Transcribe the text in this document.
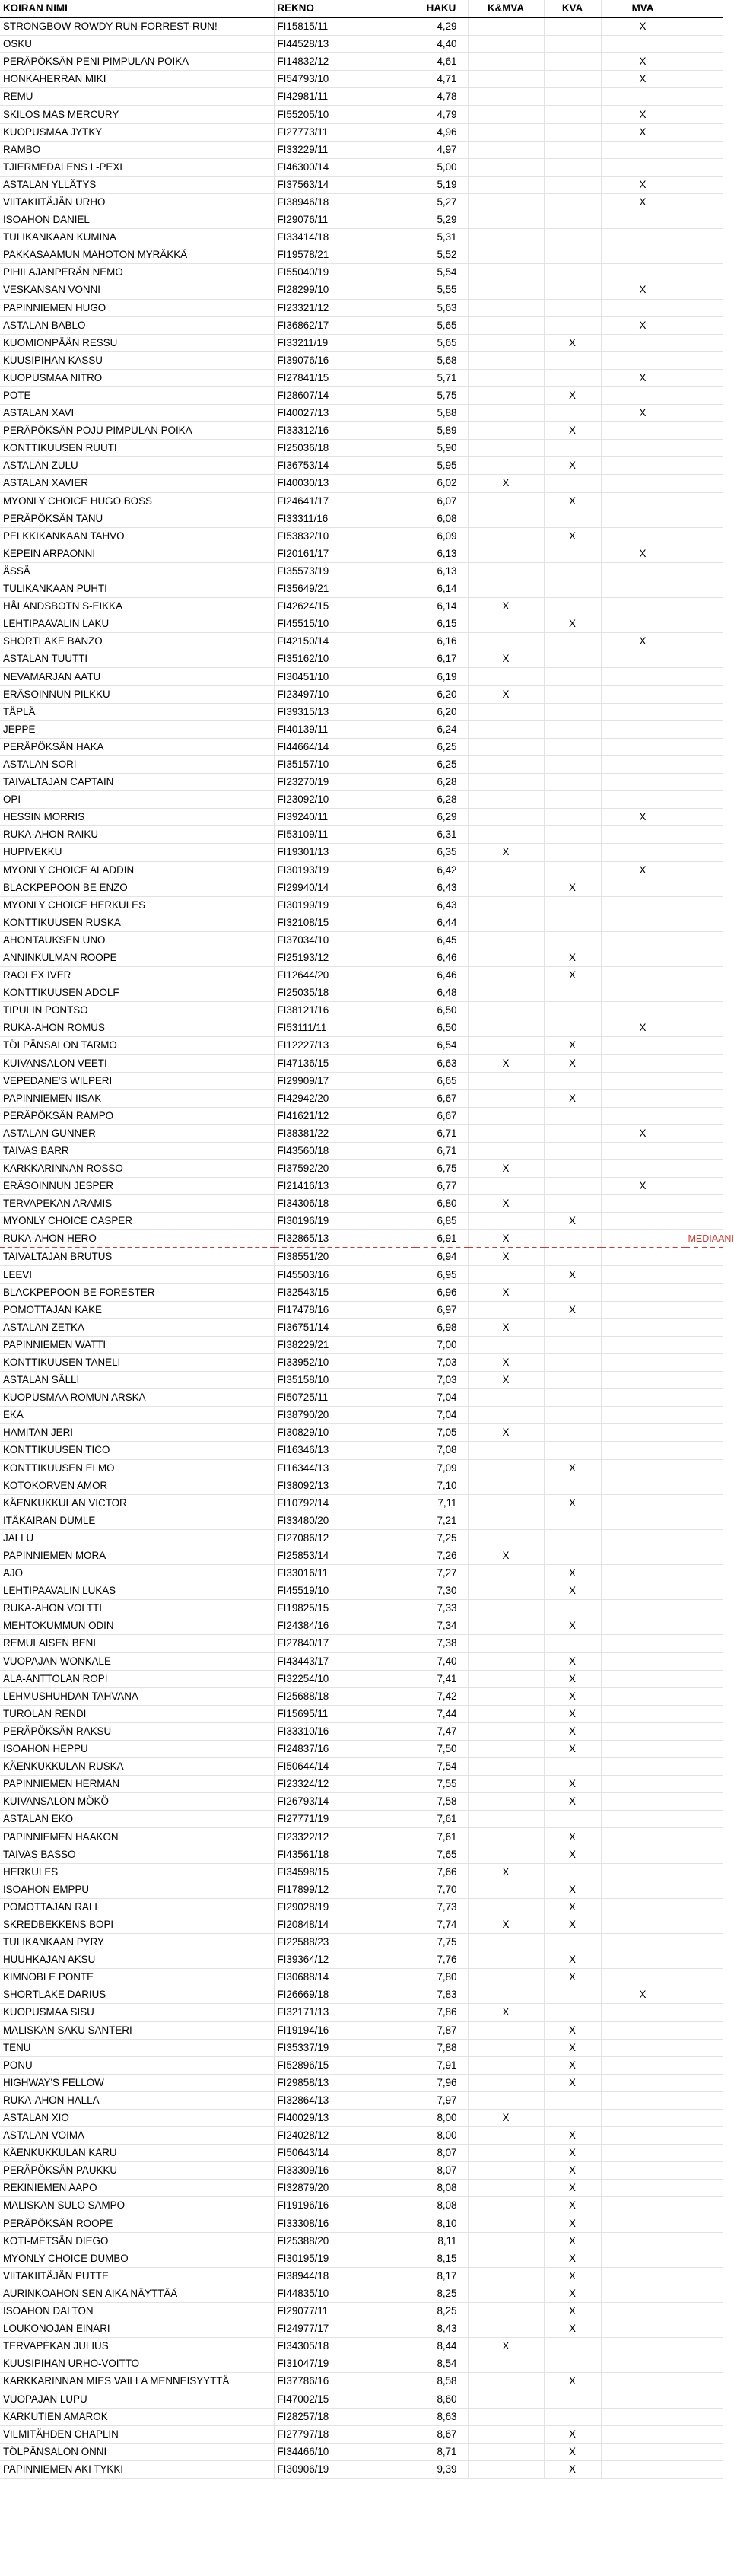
KOIRAN NIMI	REKNO	HAKU	K&MVA	KVA	MVA	
STRONGBOW ROWDY RUN-FORREST-RUN!	FI15815/11	4,29			X	
OSKU	FI44528/13	4,40				
PERÄPÖKSÄN PENI PIMPULAN POIKA	FI14832/12	4,61			X	
HONKAHERRAN MIKI	FI54793/10	4,71			X	
REMU	FI42981/11	4,78				
SKILOS MAS MERCURY	FI55205/10	4,79			X	
KUOPUSMAA JYTKY	FI27773/11	4,96			X	
RAMBO	FI33229/11	4,97				
TJIERMEDALENS L-PEXI	FI46300/14	5,00				
ASTALAN YLLÄTYS	FI37563/14	5,19			X	
VIITAKIITÄJÄN URHO	FI38946/18	5,27			X	
ISOAHON DANIEL	FI29076/11	5,29				
TULIKANKAAN KUMINA	FI33414/18	5,31				
PAKKASAAMUN MAHOTON MYRÄKKÄ	FI19578/21	5,52				
PIHILAJANPERÄN NEMO	FI55040/19	5,54				
VESKANSAN VONNI	FI28299/10	5,55			X	
PAPINNIEMEN HUGO	FI23321/12	5,63				
ASTALAN BABLO	FI36862/17	5,65			X	
KUOMIONPÄÄN RESSU	FI33211/19	5,65		X		
KUUSIPIHAN KASSU	FI39076/16	5,68				
KUOPUSMAA NITRO	FI27841/15	5,71			X	
POTE	FI28607/14	5,75		X		
ASTALAN XAVI	FI40027/13	5,88			X	
PERÄPÖKSÄN POJU PIMPULAN POIKA	FI33312/16	5,89		X		
KONTTIKUUSEN RUUTI	FI25036/18	5,90				
ASTALAN ZULU	FI36753/14	5,95		X		
ASTALAN XAVIER	FI40030/13	6,02	X			
MYONLY CHOICE HUGO BOSS	FI24641/17	6,07		X		
PERÄPÖKSÄN TANU	FI33311/16	6,08				
PELKKIKANKAAN TAHVO	FI53832/10	6,09		X		
KEPEIN ARPAONNI	FI20161/17	6,13			X	
ÄSSÄ	FI35573/19	6,13				
TULIKANKAAN PUHTI	FI35649/21	6,14				
HÅLANDSBOTN S-EIKKA	FI42624/15	6,14	X			
LEHTIPAAVALIN LAKU	FI45515/10	6,15		X		
SHORTLAKE BANZO	FI42150/14	6,16			X	
ASTALAN TUUTTI	FI35162/10	6,17	X			
NEVAMARJAN AATU	FI30451/10	6,19				
ERÄSOINNUN PILKKU	FI23497/10	6,20	X			
TÄPLÄ	FI39315/13	6,20				
JEPPE	FI40139/11	6,24				
PERÄPÖKSÄN HAKA	FI44664/14	6,25				
ASTALAN SORI	FI35157/10	6,25				
TAIVALTAJAN CAPTAIN	FI23270/19	6,28				
OPI	FI23092/10	6,28				
HESSIN MORRIS	FI39240/11	6,29			X	
RUKA-AHON RAIKU	FI53109/11	6,31				
HUPIVEKKU	FI19301/13	6,35	X			
MYONLY CHOICE ALADDIN	FI30193/19	6,42			X	
BLACKPEPOON BE ENZO	FI29940/14	6,43		X		
MYONLY CHOICE HERKULES	FI30199/19	6,43				
KONTTIKUUSEN RUSKA	FI32108/15	6,44				
AHONTAUKSEN UNO	FI37034/10	6,45				
ANNINKULMAN ROOPE	FI25193/12	6,46		X		
RAOLEX IVER	FI12644/20	6,46		X		
KONTTIKUUSEN ADOLF	FI25035/18	6,48				
TIPULIN PONTSO	FI38121/16	6,50				
RUKA-AHON ROMUS	FI53111/11	6,50			X	
TÖLPÄNSALON TARMO	FI12227/13	6,54		X		
KUIVANSALON VEETI	FI47136/15	6,63	X	X		
VEPEDANE'S WILPERI	FI29909/17	6,65				
PAPINNIEMEN IISAK	FI42942/20	6,67		X		
PERÄPÖKSÄN RAMPO	FI41621/12	6,67				
ASTALAN GUNNER	FI38381/22	6,71			X	
TAIVAS BARR	FI43560/18	6,71				
KARKKARINNAN ROSSO	FI37592/20	6,75	X			
ERÄSOINNUN JESPER	FI21416/13	6,77			X	
TERVAPEKAN ARAMIS	FI34306/18	6,80	X			
MYONLY CHOICE CASPER	FI30196/19	6,85		X		
RUKA-AHON HERO	FI32865/13	6,91	X			MEDIAANI
TAIVALTAJAN BRUTUS	FI38551/20	6,94	X			
LEEVI	FI45503/16	6,95		X		
BLACKPEPOON BE FORESTER	FI32543/15	6,96	X			
POMOTTAJAN KAKE	FI17478/16	6,97		X		
ASTALAN ZETKA	FI36751/14	6,98	X			
PAPINNIEMEN WATTI	FI38229/21	7,00				
KONTTIKUUSEN TANELI	FI33952/10	7,03	X			
ASTALAN SÄLLI	FI35158/10	7,03	X			
KUOPUSMAA ROMUN ARSKA	FI50725/11	7,04				
EKA	FI38790/20	7,04				
HAMITAN JERI	FI30829/10	7,05	X			
KONTTIKUUSEN TICO	FI16346/13	7,08				
KONTTIKUUSEN ELMO	FI16344/13	7,09		X		
KOTOKORVEN AMOR	FI38092/13	7,10				
KÄENKUKKULAN VICTOR	FI10792/14	7,11		X		
ITÄKAIRAN DUMLE	FI33480/20	7,21				
JALLU	FI27086/12	7,25				
PAPINNIEMEN MORA	FI25853/14	7,26	X			
AJO	FI33016/11	7,27		X		
LEHTIPAAVALIN LUKAS	FI45519/10	7,30		X		
RUKA-AHON VOLTTI	FI19825/15	7,33				
MEHTOKUMMUN ODIN	FI24384/16	7,34		X		
REMULAISEN BENI	FI27840/17	7,38				
VUOPAJAN WONKALE	FI43443/17	7,40		X		
ALA-ANTTOLAN ROPI	FI32254/10	7,41		X		
LEHMUSHUHDAN TAHVANA	FI25688/18	7,42		X		
TUROLAN RENDI	FI15695/11	7,44		X		
PERÄPÖKSÄN RAKSU	FI33310/16	7,47		X		
ISOAHON HEPPU	FI24837/16	7,50		X		
KÄENKUKKULAN RUSKA	FI50644/14	7,54				
PAPINNIEMEN HERMAN	FI23324/12	7,55		X		
KUIVANSALON MÖKÖ	FI26793/14	7,58		X		
ASTALAN EKO	FI27771/19	7,61				
PAPINNIEMEN HAAKON	FI23322/12	7,61		X		
TAIVAS BASSO	FI43561/18	7,65		X		
HERKULES	FI34598/15	7,66	X			
ISOAHON EMPPU	FI17899/12	7,70		X		
POMOTTAJAN RALI	FI29028/19	7,73		X		
SKREDBEKKENS BOPI	FI20848/14	7,74	X	X		
TULIKANKAAN PYRY	FI22588/23	7,75				
HUUHKAJAN AKSU	FI39364/12	7,76		X		
KIMNOBLE PONTE	FI30688/14	7,80		X		
SHORTLAKE DARIUS	FI26669/18	7,83			X	
KUOPUSMAA SISU	FI32171/13	7,86	X			
MALISKAN SAKU SANTERI	FI19194/16	7,87		X		
TENU	FI35337/19	7,88		X		
PONU	FI52896/15	7,91		X		
HIGHWAY'S FELLOW	FI29858/13	7,96		X		
RUKA-AHON HALLA	FI32864/13	7,97				
ASTALAN XIO	FI40029/13	8,00	X			
ASTALAN VOIMA	FI24028/12	8,00		X		
KÄENKUKKULAN KARU	FI50643/14	8,07		X		
PERÄPÖKSÄN PAUKKU	FI33309/16	8,07		X		
REKINIEMEN AAPO	FI32879/20	8,08		X		
MALISKAN SULO SAMPO	FI19196/16	8,08		X		
PERÄPÖKSÄN ROOPE	FI33308/16	8,10		X		
KOTI-METSÄN DIEGO	FI25388/20	8,11		X		
MYONLY CHOICE DUMBO	FI30195/19	8,15		X		
VIITAKIITÄJÄN PUTTE	FI38944/18	8,17		X		
AURINKOAHON SEN AIKA NÄYTTÄÄ	FI44835/10	8,25		X		
ISOAHON DALTON	FI29077/11	8,25		X		
LOUKONOJAN EINARI	FI24977/17	8,43		X		
TERVAPEKAN JULIUS	FI34305/18	8,44	X			
KUUSIPIHAN URHO-VOITTO	FI31047/19	8,54				
KARKKARINNAN MIES VAILLA MENNEISYYTTÄ	FI37786/16	8,58		X		
VUOPAJAN LUPU	FI47002/15	8,60				
KARKUTIEN AMAROK	FI28257/18	8,63				
VILMITÄHDEN CHAPLIN	FI27797/18	8,67		X		
TÖLPÄNSALON ONNI	FI34466/10	8,71		X		
PAPINNIEMEN AKI TYKKI	FI30906/19	9,39		X		
